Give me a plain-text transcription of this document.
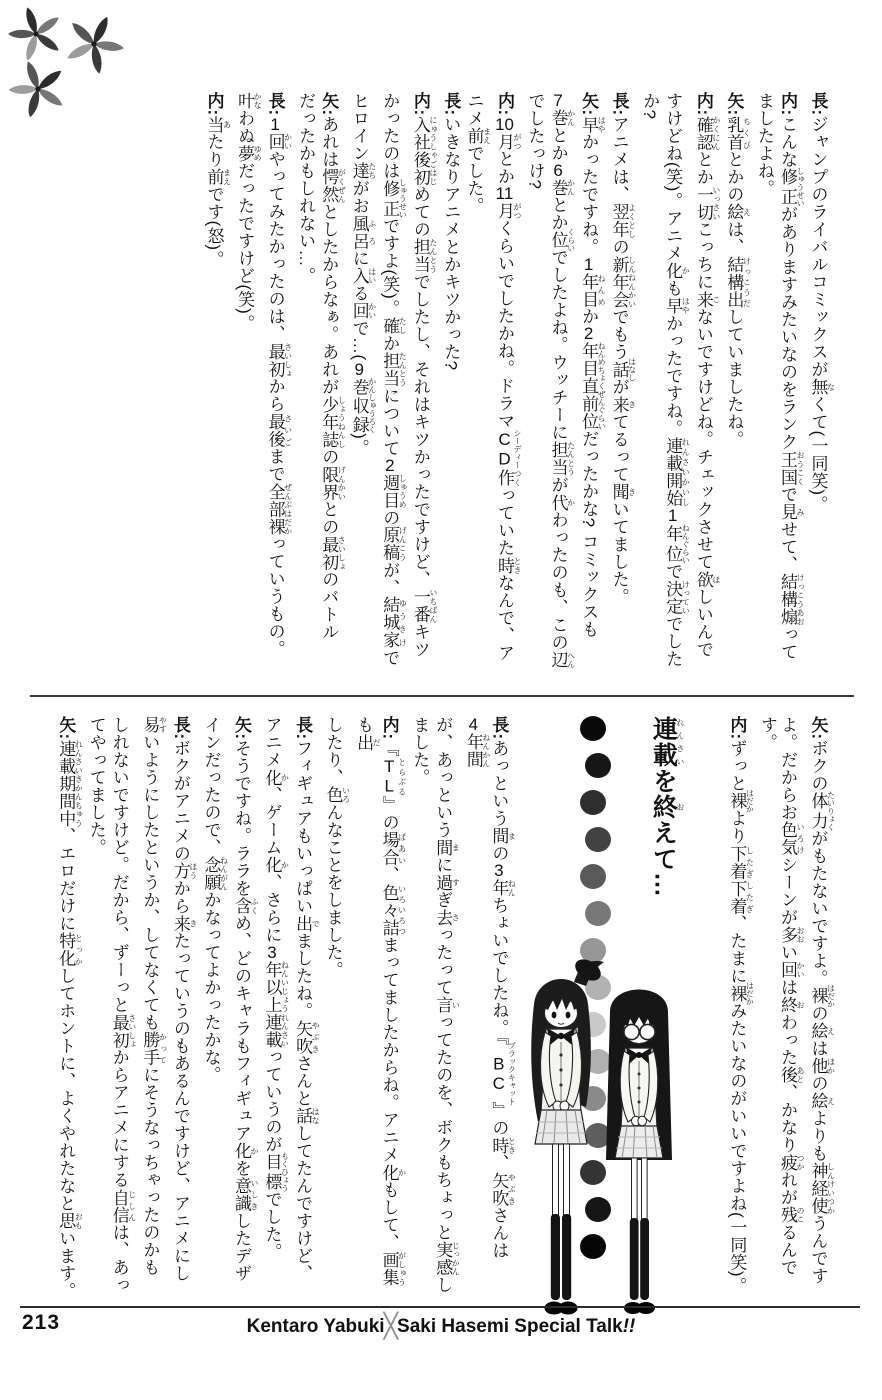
長:ジャンプのライバルコミックスが無 なくて(一同笑)。

内:こんな修正 しゅうせいがありますみたいなのをランク王国 おうこくで見 みせて、結構煽 けっこうあおって

ましたよね。

矢:乳首 ちくびとかの絵 えは、結構出 けっこうだしていましたね。

内:確認 かくにんとか一切 いっさいこっちに来 こないですけどね。チェックさせて欲 ほしいんで

すけどね(笑)。アニメ化 かも早 はやかったですね。連載開始 れんさいかいし1年位 ねんぐらいで決定 けっていでした

か?

長:アニメは、翌年 よくとしの新年会 しんねんかいでもう話 はなしが来 きてるって聞 きいてました。

矢:早 はやかったですね。1年目 ねんめか2年目直前位 ねんめちょくぜんぐらいだったかな? コミックスも

7巻 かんとか6巻 かんとか位 くらいでしたよね。ウッチーに担当 たんとうが代 かわったのも、この辺 へん

でしたっけ?

内:10月 がつとか11月 がつくらいでしたかね。ドラマCD シーディー作 つくっていた時 ときなんで、ア

ニメ前 まえでした。

長:いきなりアニメとかキツかった?

内:入社後初 にゅうしゃごはじめての担当 たんとうでしたし、それはキツかったですけど、一番 いちばんキツ

かったのは修正 しゅうせいですよ(笑)。確 たしか担当 たんとうについて2週目 しゅうめの原稿 げんこうが、結城家 ゆうきけで

ヒロイン達 たちがお風呂 ふろに入 はいる回 かいで…(9巻収録 かんしゅうろく)。

矢:あれは愕然 がくぜんとしたからなぁ。あれが少年誌 しょうねんしの限界 げんかいとの最初 さいしょのバトル

だったかもしれない…。

長:1回 かいやってみたかったのは、最初 さいしょから最後 さいごまで全部裸 ぜんぶはだかっていうもの。

叶 かなわぬ夢 ゆめだったですけど(笑)。

内:当 あたり前 まえです(怒)。

矢:ボクの体力 たいりょくがもたないですよ。裸 はだかの絵 えは他 ほかの絵 えよりも神経使 しんけいつかうんです

よ。だからお色気 いろけシーンが多 おおい回 かいは終 おわった後 あと、かなり疲 つかれが残 のこるんです。

内:ずっと裸 はだかより下着下着 したぎしたぎ、たまに裸 はだかみたいなのがいいですよね(一同笑)。

連載れんさいを終おえて…

長:あっという間 まの3年 ねんちょいでしたね。『BC ブラックキャット』の時 とき、矢吹 やぶきさんは4年間 ねんかん

が、あっという間 まに過 すぎ去 さったって言 いってたのを、ボクもちょっと実感 じっかんし

ました。

内:『TL とらぶる』の場合 ばあい、色々詰 いろいろつまってましたからね。アニメ化 かもして、画集 がしゅうも出 だ

したり、色 いろんなことをしました。

長:フィギュアもいっぱい出 でましたね。矢吹 やぶきさんと話 はなしてたんですけど、

アニメ化 か、ゲーム化 か、さらに3年以上連載 ねんいじょうれんさいっていうのが目標 もくひょうでした。

矢:そうですね。ララを含 ふくめ、どのキャラもフィギュア化 かを意識 いしきしたデザ

インだったので、念願 ねんがんかなってよかったかな。

長:ボクがアニメの方 ほうから来 きたっていうのもあるんですけど、アニメにし

易 やすいようにしたというか、してなくても勝手 かってにそうなっちゃったのかも

しれないですけど。だから、ずーっと最初 さいしょからアニメにする自信 じしんは、あっ

てやってました。

矢:連載期間中 れんさいきかんちゅう、エロだけに特化 とっかしてホントに、よくやれたなと思 おもいます。

213	Kentaro Yabuki╳Saki Hasemi Special Talk!!
